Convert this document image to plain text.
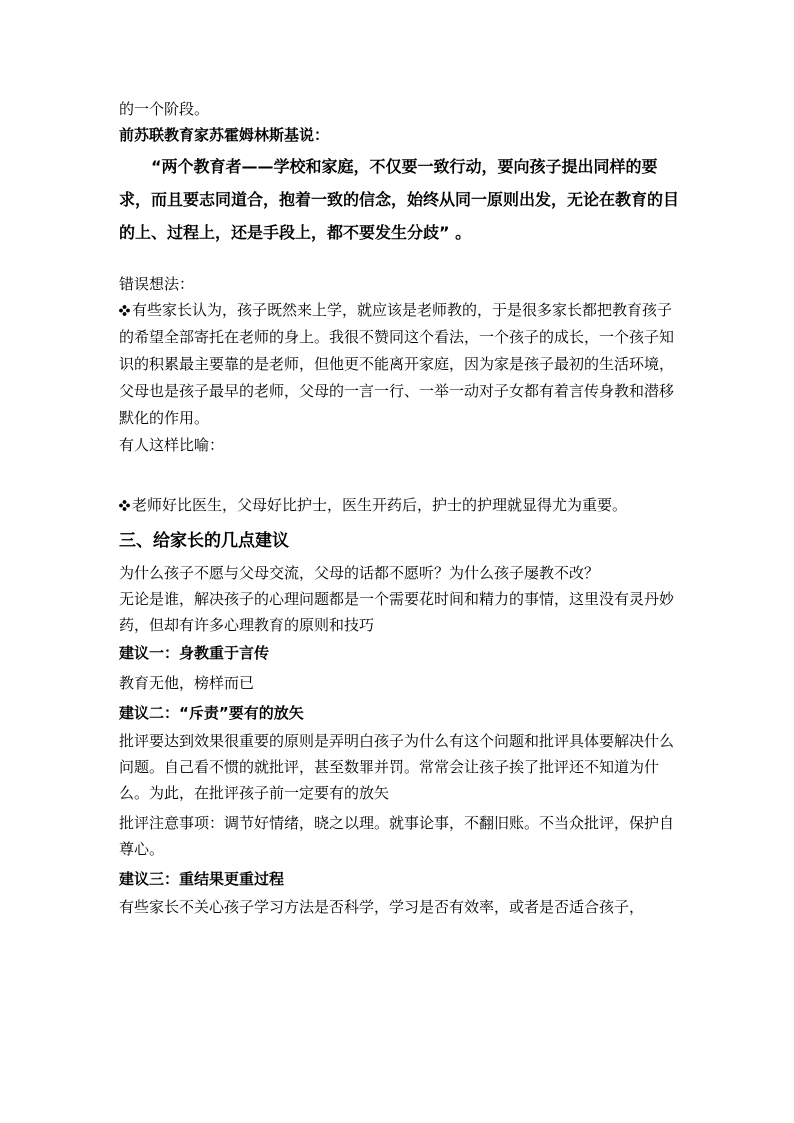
的一个阶段。

前苏联教育家苏霍姆林斯基说：

“两个教育者——学校和家庭，不仅要一致行动，要向孩子提出同样的要求，而且要志同道合，抱着一致的信念，始终从同一原则出发，无论在教育的目的上、过程上，还是手段上，都不要发生分歧” 。

错误想法：

有些家长认为，孩子既然来上学，就应该是老师教的，于是很多家长都把教育孩子的希望全部寄托在老师的身上。我很不赞同这个看法，一个孩子的成长，一个孩子知识的积累最主要靠的是老师，但他更不能离开家庭，因为家是孩子最初的生活环境，父母也是孩子最早的老师，父母的一言一行、一举一动对子女都有着言传身教和潜移默化的作用。

有人这样比喻：

老师好比医生，父母好比护士，医生开药后，护士的护理就显得尤为重要。

三、给家长的几点建议

为什么孩子不愿与父母交流，父母的话都不愿听？为什么孩子屡教不改？

无论是谁，解决孩子的心理问题都是一个需要花时间和精力的事情，这里没有灵丹妙药，但却有许多心理教育的原则和技巧

建议一：身教重于言传

教育无他，榜样而已

建议二：“斥责”要有的放矢

批评要达到效果很重要的原则是弄明白孩子为什么有这个问题和批评具体要解决什么问题。自己看不惯的就批评，甚至数罪并罚。常常会让孩子挨了批评还不知道为什么。为此，在批评孩子前一定要有的放矢

批评注意事项：调节好情绪，晓之以理。就事论事，不翻旧账。不当众批评，保护自尊心。

建议三：重结果更重过程

有些家长不关心孩子学习方法是否科学，学习是否有效率，或者是否适合孩子，
